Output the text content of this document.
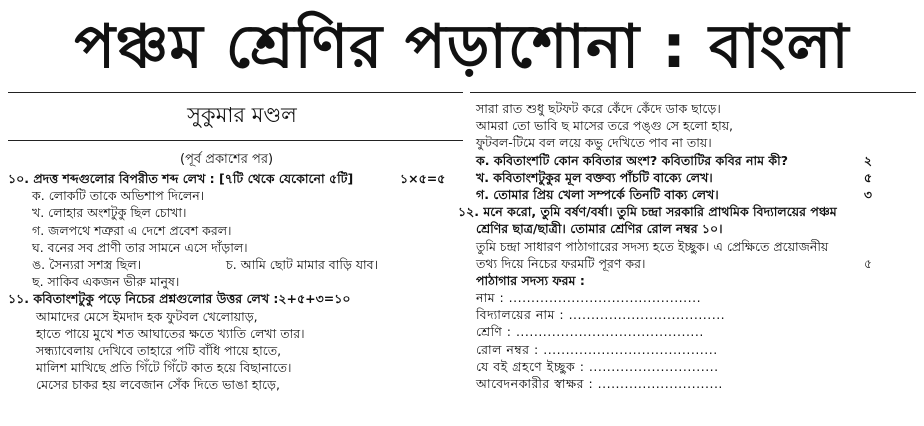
পঞ্চম শ্রেণির পড়াশোনা : বাংলা
সুকুমার মণ্ডল
(পূর্ব প্রকাশের পর)
১০. প্রদত্ত শব্দগুলোর বিপরীত শব্দ লেখ : [৭টি থেকে যেকোনো ৫টি]	১×৫=৫
ক. লোকটি তাকে অভিশাপ দিলেন।
খ. লোহার অংশটুকু ছিল চোখা।
গ. জলপথে শত্রুরা এ দেশে প্রবেশ করল।
ঘ. বনের সব প্রাণী তার সামনে এসে দাঁড়াল।
ঙ. সৈন্যরা সশস্ত্র ছিল।	চ. আমি ছোট মামার বাড়ি যাব।
ছ. সাকিব একজন ভীরু মানুষ।
১১. কবিতাংশটুকু পড়ে নিচের প্রশ্নগুলোর উত্তর লেখ :২+৫+৩=১০
আমাদের মেসে ইমদাদ হক ফুটবল খেলোয়াড়,
হাতে পায়ে মুখে শত আঘাতের ক্ষতে খ্যাতি লেখা তার।
সন্ধ্যাবেলায় দেখিবে তাহারে পটি বাঁধি পায়ে হাতে,
মালিশ মাখিছে প্রতি গিঁটে গিঁটে কাত হয়ে বিছানাতে।
মেসের চাকর হয় লবেজান সেঁক দিতে ভাঙা হাড়ে,
সারা রাত শুধু ছটফট করে কেঁদে কেঁদে ডাক ছাড়ে।
আমরা তো ভাবি ছ মাসের তরে পঙ্গু সে হলো হায়,
ফুটবল-টিমে বল লয়ে কভু দেখিতে পাব না তায়।
ক. কবিতাংশটি কোন কবিতার অংশ? কবিতাটির কবির নাম কী?	২
খ. কবিতাংশটুকুর মূল বক্তব্য পাঁচটি বাক্যে লেখ।	৫
গ. তোমার প্রিয় খেলা সম্পর্কে তিনটি বাক্য লেখ।	৩
১২. মনে করো, তুমি বর্ষণ/বর্ষা। তুমি চন্দ্রা সরকারি প্রাথমিক বিদ্যালয়ের পঞ্চম
শ্রেণির ছাত্র/ছাত্রী। তোমার শ্রেণির রোল নম্বর ১০।
তুমি চন্দ্রা সাধারণ পাঠাগারের সদস্য হতে ইচ্ছুক। এ প্রেক্ষিতে প্রয়োজনীয়
তথ্য দিয়ে নিচের ফরমটি পূরণ কর।	৫
পাঠাগার সদস্য ফরম :
নাম : ...........................................
বিদ্যালয়ের নাম : ...................................
শ্রেণি : ..........................................
রোল নম্বর : .......................................
যে বই গ্রহণে ইচ্ছুক : .............................
আবেদনকারীর স্বাক্ষর : ............................
